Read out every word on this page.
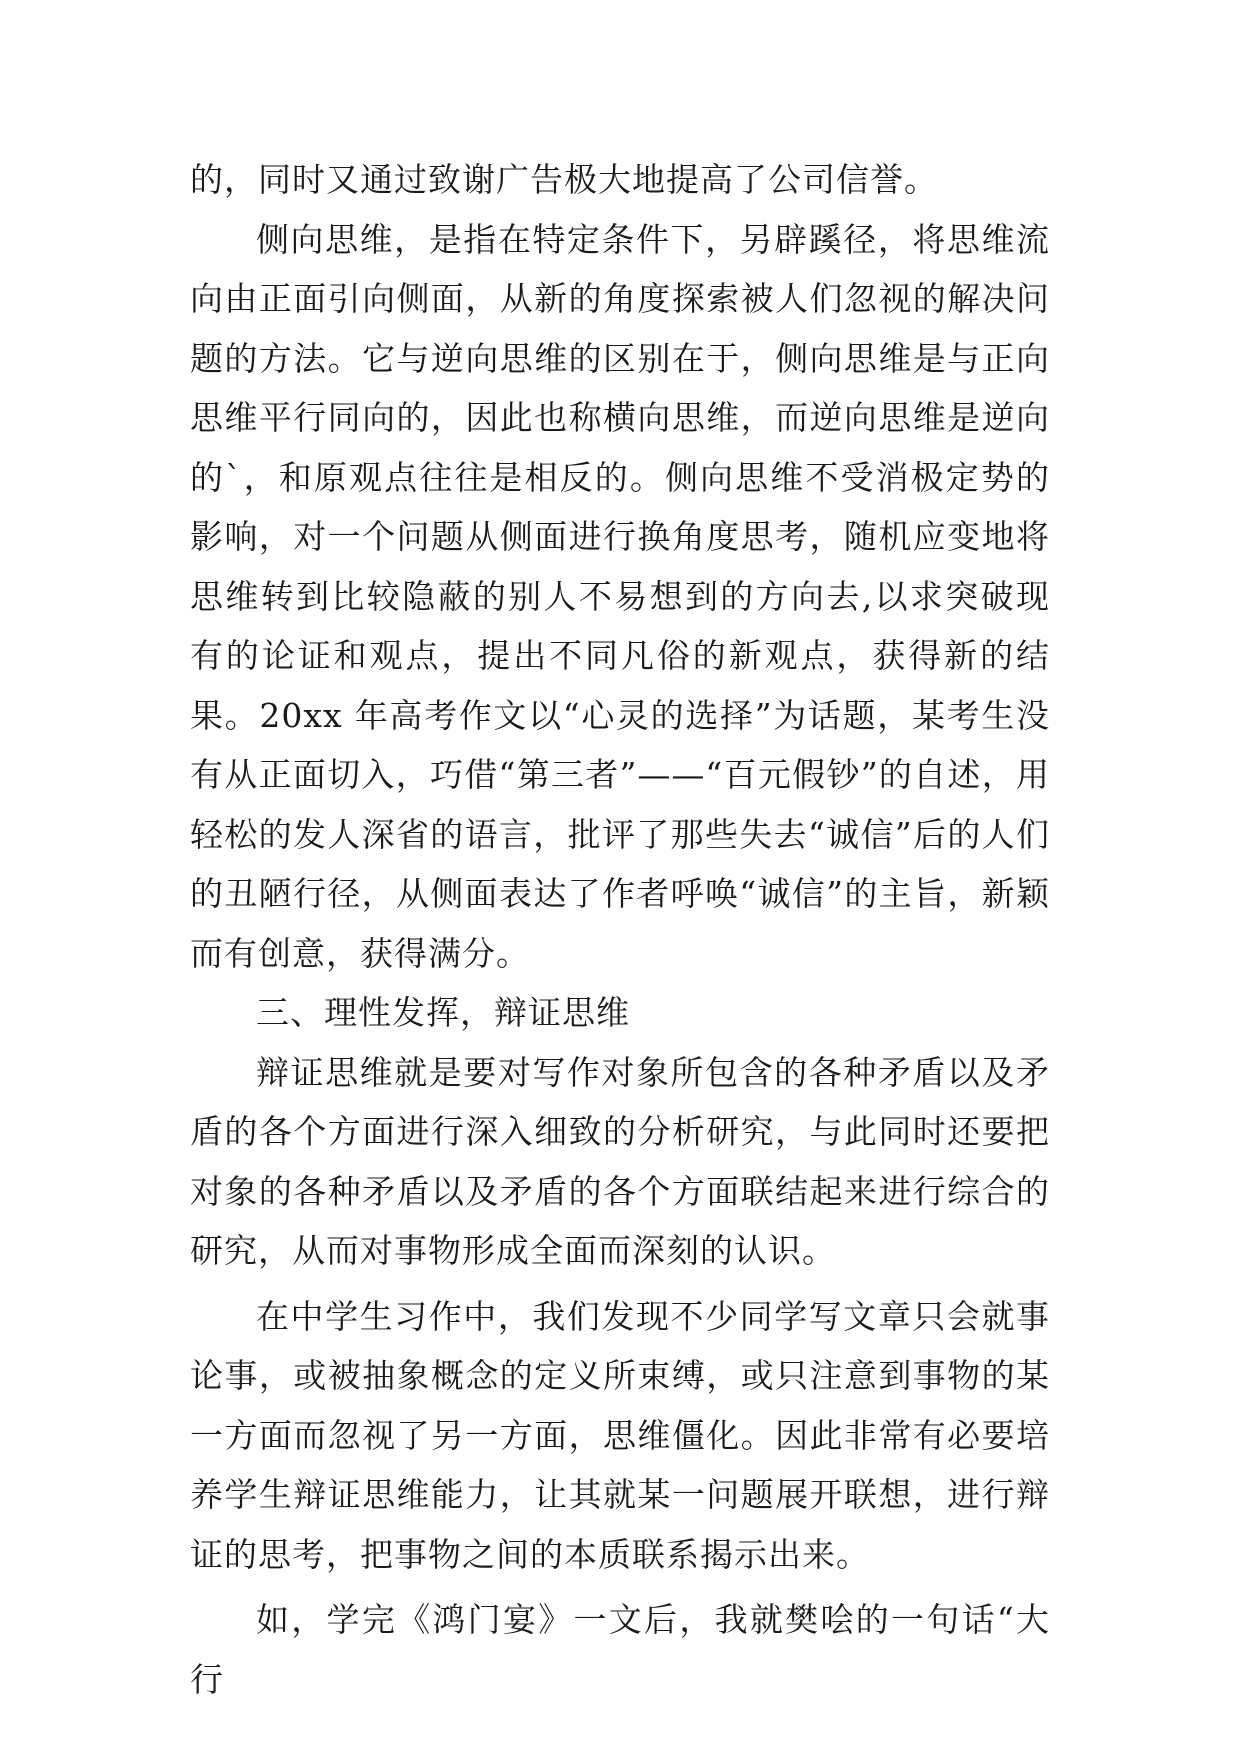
的，同时又通过致谢广告极大地提高了公司信誉。

侧向思维，是指在特定条件下，另辟蹊径，将思维流向由正面引向侧面，从新的角度探索被人们忽视的解决问题的方法。它与逆向思维的区别在于，侧向思维是与正向思维平行同向的，因此也称横向思维，而逆向思维是逆向的`，和原观点往往是相反的。侧向思维不受消极定势的影响，对一个问题从侧面进行换角度思考，随机应变地将思维转到比较隐蔽的别人不易想到的方向去,以求突破现有的论证和观点，提出不同凡俗的新观点，获得新的结果。20xx 年高考作文以“心灵的选择”为话题，某考生没有从正面切入，巧借“第三者”——“百元假钞”的自述，用轻松的发人深省的语言，批评了那些失去“诚信”后的人们的丑陋行径，从侧面表达了作者呼唤“诚信”的主旨，新颖而有创意，获得满分。

三、理性发挥，辩证思维

辩证思维就是要对写作对象所包含的各种矛盾以及矛盾的各个方面进行深入细致的分析研究，与此同时还要把对象的各种矛盾以及矛盾的各个方面联结起来进行综合的研究，从而对事物形成全面而深刻的认识。

在中学生习作中，我们发现不少同学写文章只会就事论事，或被抽象概念的定义所束缚，或只注意到事物的某一方面而忽视了另一方面，思维僵化。因此非常有必要培养学生辩证思维能力，让其就某一问题展开联想，进行辩证的思考，把事物之间的本质联系揭示出来。

如，学完《鸿门宴》一文后，我就樊哙的一句话“大行
